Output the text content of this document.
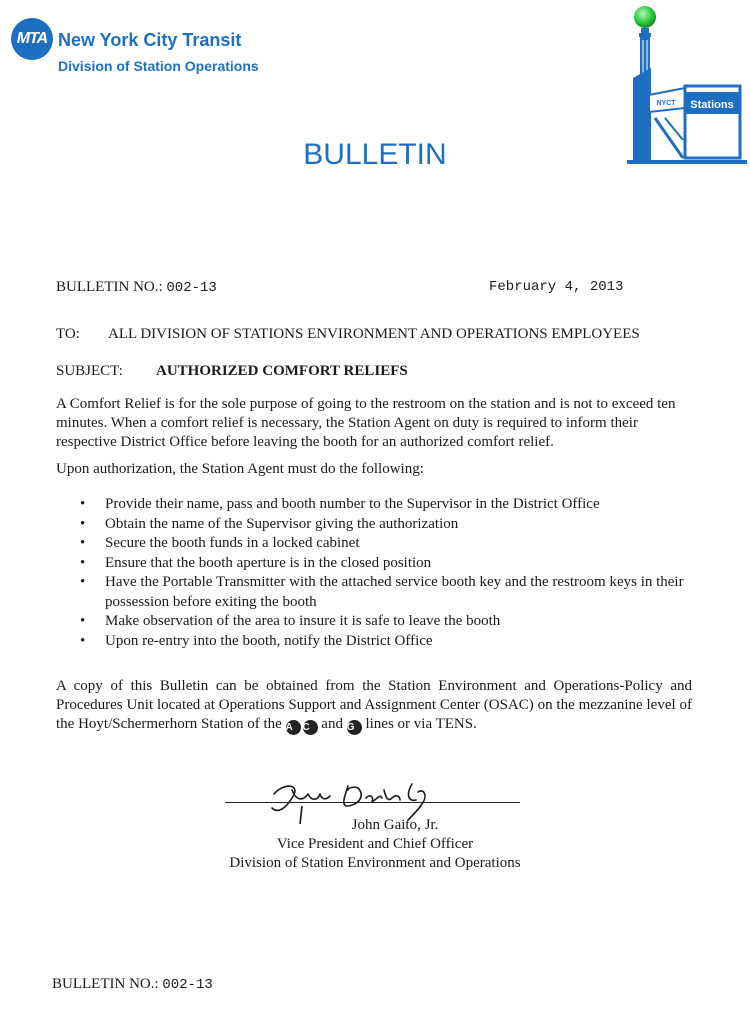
MTA New York City Transit
Division of Station Operations
Stations
NYCT
BULLETIN
BULLETIN NO.: 002-13	February 4, 2013
TO: ALL DIVISION OF STATIONS ENVIRONMENT AND OPERATIONS EMPLOYEES
SUBJECT: AUTHORIZED COMFORT RELIEFS

A Comfort Relief is for the sole purpose of going to the restroom on the station and is not to exceed ten minutes. When a comfort relief is necessary, the Station Agent on duty is required to inform their respective District Office before leaving the booth for an authorized comfort relief.

Upon authorization, the Station Agent must do the following:

• Provide their name, pass and booth number to the Supervisor in the District Office
• Obtain the name of the Supervisor giving the authorization
• Secure the booth funds in a locked cabinet
• Ensure that the booth aperture is in the closed position
• Have the Portable Transmitter with the attached service booth key and the restroom keys in their possession before exiting the booth
• Make observation of the area to insure it is safe to leave the booth
• Upon re-entry into the booth, notify the District Office

A copy of this Bulletin can be obtained from the Station Environment and Operations-Policy and Procedures Unit located at Operations Support and Assignment Center (OSAC) on the mezzanine level of the Hoyt/Schermerhorn Station of the A C and G lines or via TENS.

John Gaito, Jr.
Vice President and Chief Officer
Division of Station Environment and Operations
BULLETIN NO.: 002-13
